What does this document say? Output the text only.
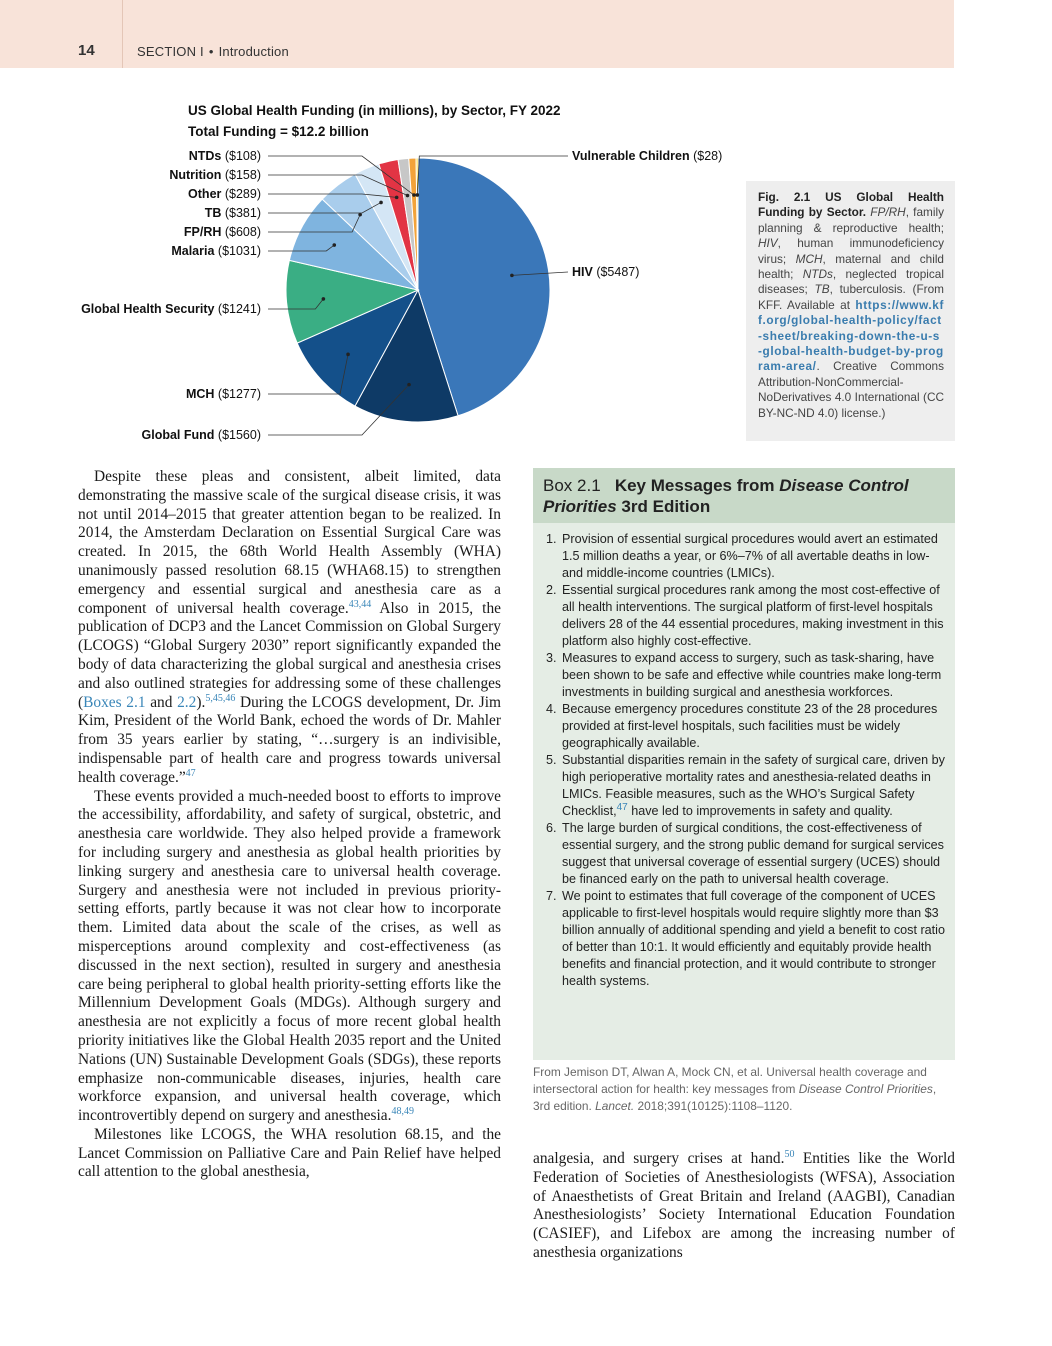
14	SECTION I • Introduction
US Global Health Funding (in millions), by Sector, FY 2022
Total Funding = $12.2 billion
HIV ($5487)
Global Fund ($1560)
MCH ($1277)
Global Health Security ($1241)
Malaria ($1031)
FP/RH ($608)
TB ($381)
Other ($289)
Nutrition ($158)
NTDs ($108)	Vulnerable Children ($28)

Fig. 2.1 US Global Health Funding by Sector. FP/RH, family planning & reproductive health; HIV, human immunodeficiency virus; MCH, maternal and child health; NTDs, neglected tropical diseases; TB, tuberculosis. (From KFF. Available at https://www.kff.org/global-health-policy/fact-sheet/breaking-down-the-u-s-global-health-budget-by-program-area/. Creative Commons Attribution-NonCommercial-NoDerivatives 4.0 International (CC BY-NC-ND 4.0) license.)

Despite these pleas and consistent, albeit limited, data demonstrating the massive scale of the surgical disease crisis, it was not until 2014–2015 that greater attention began to be realized. In 2014, the Amsterdam Declaration on Essential Surgical Care was created. In 2015, the 68th World Health Assembly (WHA) unanimously passed resolution 68.15 (WHA68.15) to strengthen emergency and essential surgical and anesthesia care as a component of universal health coverage.$^{43,44}$ Also in 2015, the publication of DCP3 and the Lancet Commission on Global Surgery (LCOGS) “Global Surgery 2030” report significantly expanded the body of data characterizing the global surgical and anesthesia crises and also outlined strategies for addressing some of these challenges (Boxes 2.1 and 2.2).$^{5,45,46}$ During the LCOGS development, Dr. Jim Kim, President of the World Bank, echoed the words of Dr. Mahler from 35 years earlier by stating, “…surgery is an indivisible, indispensable part of health care and progress towards universal health coverage.”$^{47}$

These events provided a much-needed boost to efforts to improve the accessibility, affordability, and safety of surgical, obstetric, and anesthesia care worldwide. They also helped provide a framework for including surgery and anesthesia as global health priorities by linking surgery and anesthesia care to universal health coverage. Surgery and anesthesia were not included in previous priority-setting efforts, partly because it was not clear how to incorporate them. Limited data about the scale of the crises, as well as misperceptions around complexity and cost-effectiveness (as discussed in the next section), resulted in surgery and anesthesia care being peripheral to global health priority-setting efforts like the Millennium Development Goals (MDGs). Although surgery and anesthesia are not explicitly a focus of more recent global health priority initiatives like the Global Health 2035 report and the United Nations (UN) Sustainable Development Goals (SDGs), these reports emphasize non-communicable diseases, injuries, health care workforce expansion, and universal health coverage, which incontrovertibly depend on surgery and anesthesia.$^{48,49}$

Milestones like LCOGS, the WHA resolution 68.15, and the Lancet Commission on Palliative Care and Pain Relief have helped call attention to the global anesthesia,

Box 2.1 Key Messages from Disease Control Priorities 3rd Edition
1. Provision of essential surgical procedures would avert an estimated 1.5 million deaths a year, or 6%–7% of all avertable deaths in low- and middle-income countries (LMICs).
2. Essential surgical procedures rank among the most cost-effective of all health interventions. The surgical platform of first-level hospitals delivers 28 of the 44 essential procedures, making investment in this platform also highly cost-effective.
3. Measures to expand access to surgery, such as task-sharing, have been shown to be safe and effective while countries make long-term investments in building surgical and anesthesia workforces.
4. Because emergency procedures constitute 23 of the 28 procedures provided at first-level hospitals, such facilities must be widely geographically available.
5. Substantial disparities remain in the safety of surgical care, driven by high perioperative mortality rates and anesthesia-related deaths in LMICs. Feasible measures, such as the WHO’s Surgical Safety Checklist,$^{47}$ have led to improvements in safety and quality.
6. The large burden of surgical conditions, the cost-effectiveness of essential surgery, and the strong public demand for surgical services suggest that universal coverage of essential surgery (UCES) should be financed early on the path to universal health coverage.
7. We point to estimates that full coverage of the component of UCES applicable to first-level hospitals would require slightly more than $3 billion annually of additional spending and yield a benefit to cost ratio of better than 10:1. It would efficiently and equitably provide health benefits and financial protection, and it would contribute to stronger health systems.
From Jemison DT, Alwan A, Mock CN, et al. Universal health coverage and intersectoral action for health: key messages from Disease Control Priorities, 3rd edition. Lancet. 2018;391(10125):1108–1120.

analgesia, and surgery crises at hand.$^{50}$ Entities like the World Federation of Societies of Anesthesiologists (WFSA), Association of Anaesthetists of Great Britain and Ireland (AAGBI), Canadian Anesthesiologists’ Society International Education Foundation (CASIEF), and Lifebox are among the increasing number of anesthesia organizations
